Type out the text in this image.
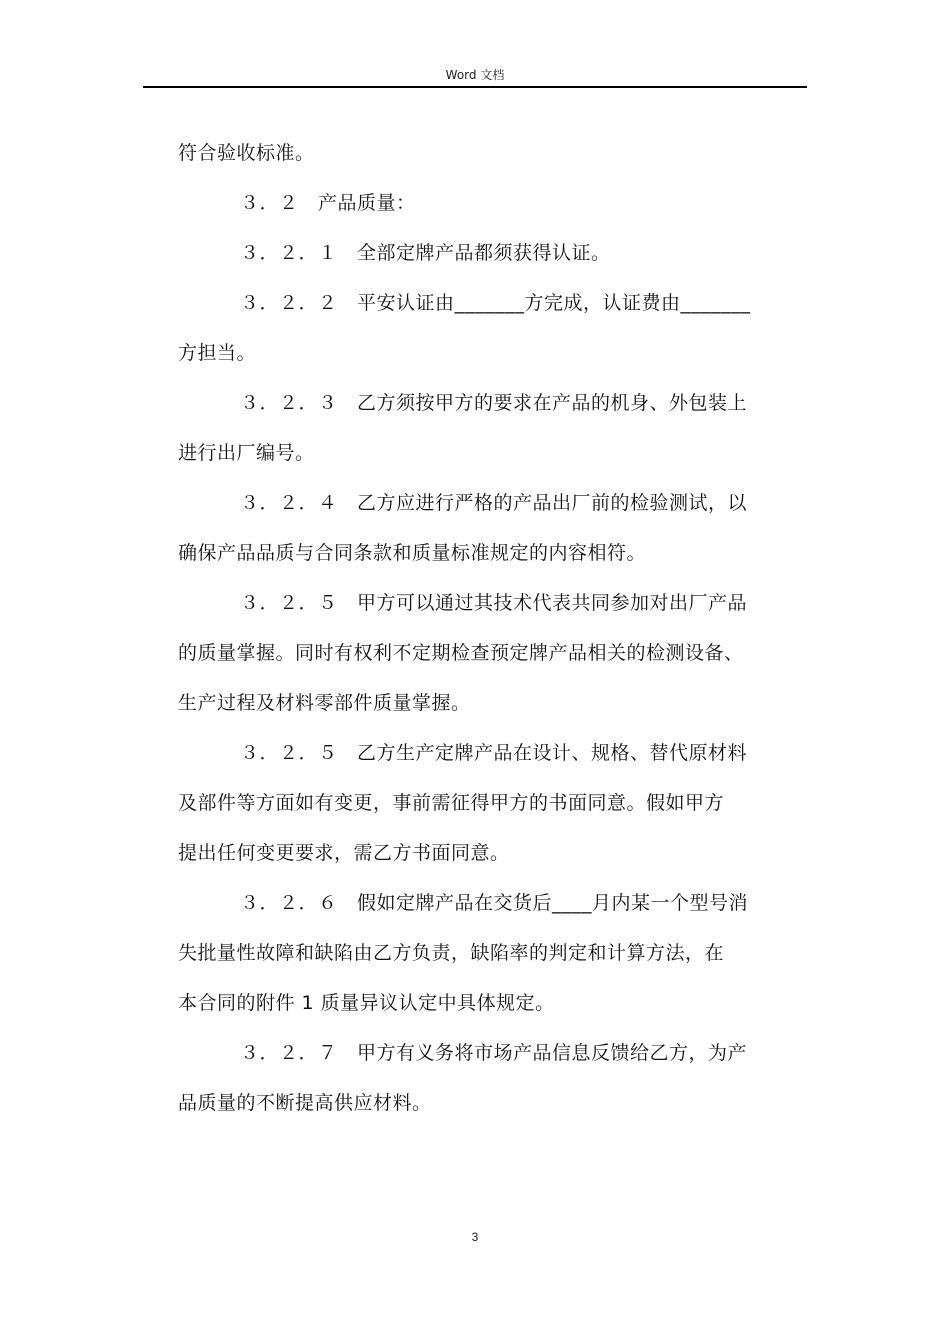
Word 文档
符合验收标准。
３．２　产品质量：
３．２．１　全部定牌产品都须获得认证。
３．２．２　平安认证由_______方完成，认证费由_______
方担当。
３．２．３　乙方须按甲方的要求在产品的机身、外包装上
进行出厂编号。
３．２．４　乙方应进行严格的产品出厂前的检验测试，以
确保产品品质与合同条款和质量标准规定的内容相符。
３．２．５　甲方可以通过其技术代表共同参加对出厂产品
的质量掌握。同时有权利不定期检查预定牌产品相关的检测设备、
生产过程及材料零部件质量掌握。
３．２．５　乙方生产定牌产品在设计、规格、替代原材料
及部件等方面如有变更，事前需征得甲方的书面同意。假如甲方
提出任何变更要求，需乙方书面同意。
３．２．６　假如定牌产品在交货后____月内某一个型号消
失批量性故障和缺陷由乙方负责，缺陷率的判定和计算方法，在
本合同的附件 1 质量异议认定中具体规定。
３．２．７　甲方有义务将市场产品信息反馈给乙方，为产
品质量的不断提高供应材料。
3
